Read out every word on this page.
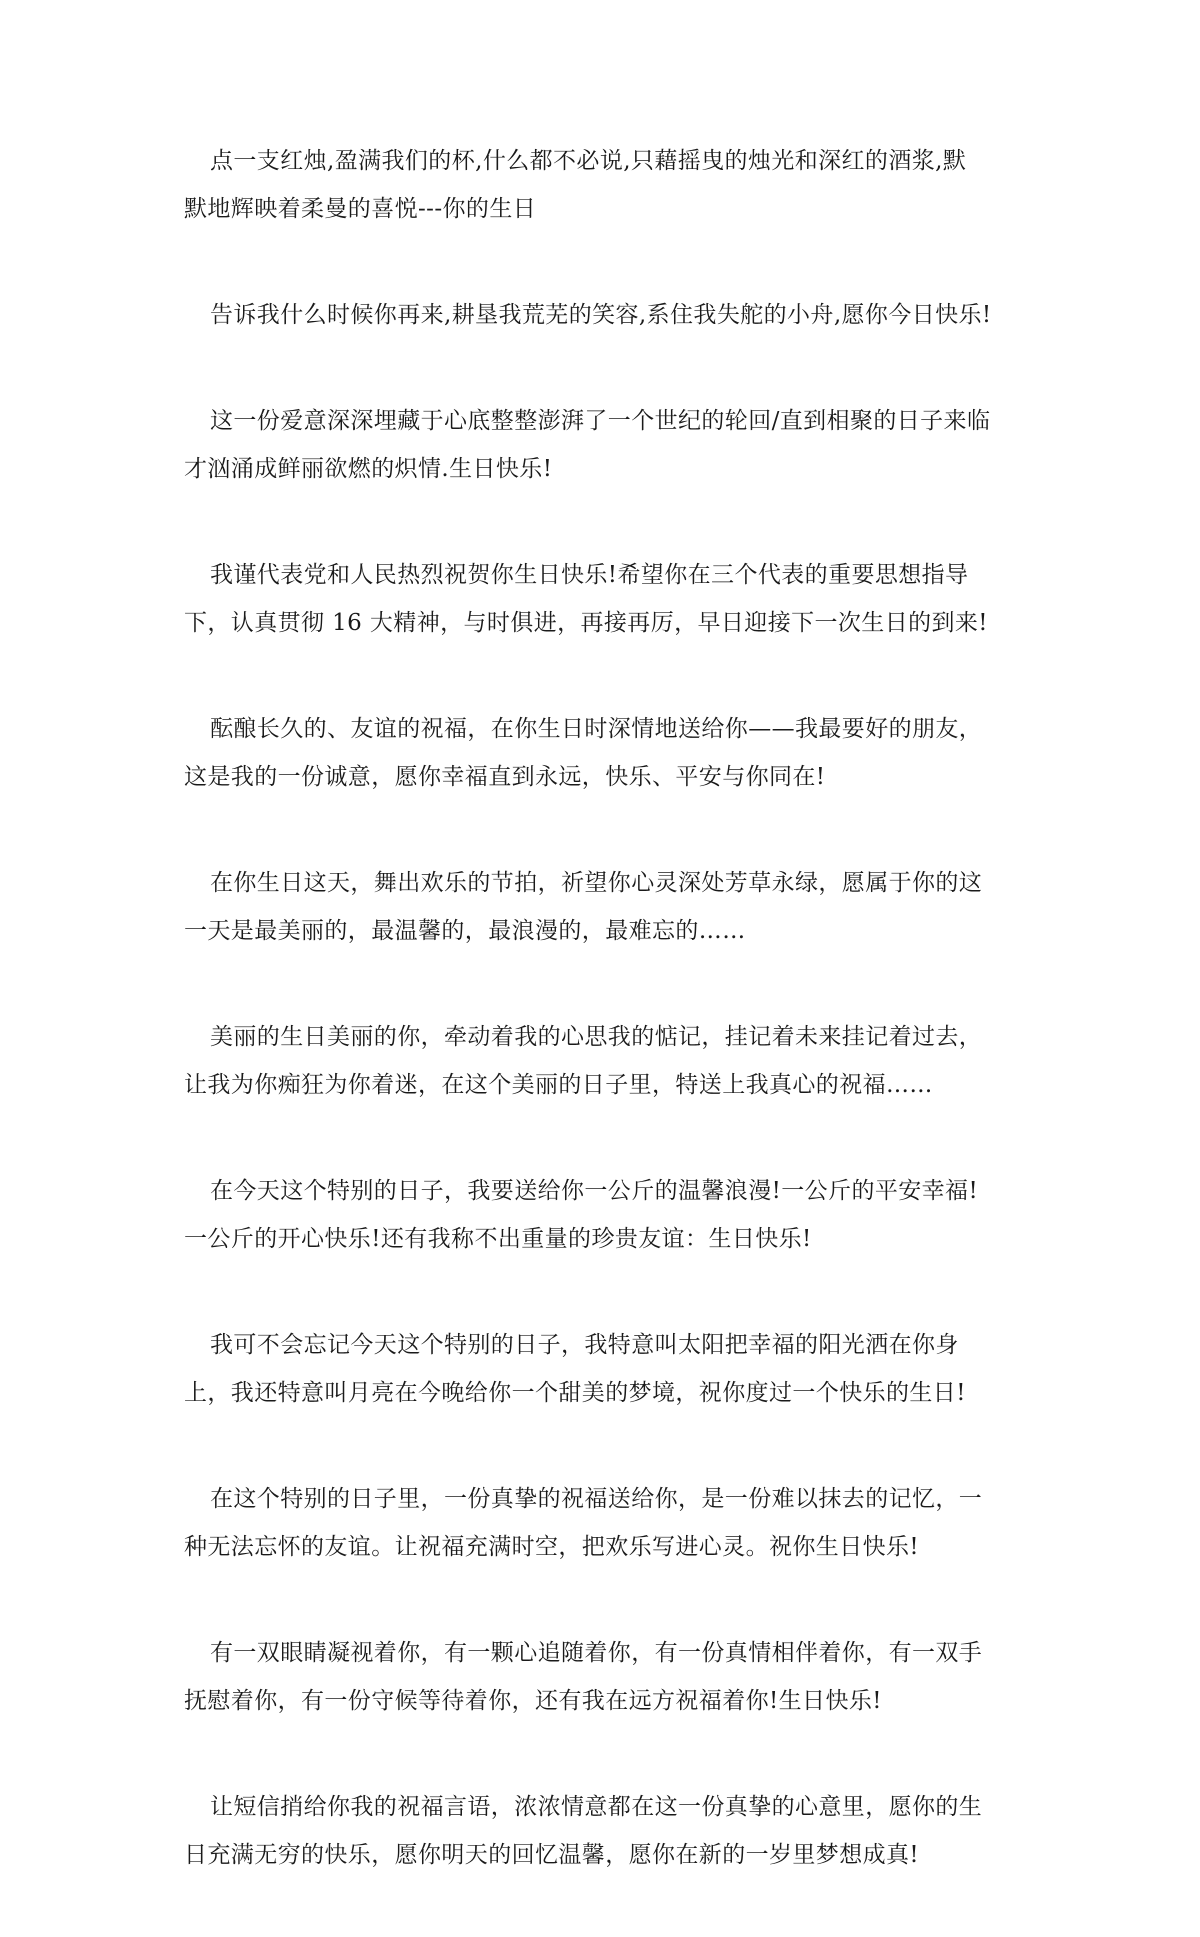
点一支红烛,盈满我们的杯,什么都不必说,只藉摇曳的烛光和深红的酒浆,默
默地辉映着柔曼的喜悦---你的生日

告诉我什么时候你再来,耕垦我荒芜的笑容,系住我失舵的小舟,愿你今日快乐!

这一份爱意深深埋藏于心底整整澎湃了一个世纪的轮回/直到相聚的日子来临
才汹涌成鲜丽欲燃的炽情.生日快乐!

我谨代表党和人民热烈祝贺你生日快乐!希望你在三个代表的重要思想指导
下，认真贯彻 16 大精神，与时俱进，再接再厉，早日迎接下一次生日的到来!

酝酿长久的、友谊的祝福，在你生日时深情地送给你——我最要好的朋友，
这是我的一份诚意，愿你幸福直到永远，快乐、平安与你同在!

在你生日这天，舞出欢乐的节拍，祈望你心灵深处芳草永绿，愿属于你的这
一天是最美丽的，最温馨的，最浪漫的，最难忘的……

美丽的生日美丽的你，牵动着我的心思我的惦记，挂记着未来挂记着过去，
让我为你痴狂为你着迷，在这个美丽的日子里，特送上我真心的祝福……

在今天这个特别的日子，我要送给你一公斤的温馨浪漫!一公斤的平安幸福!
一公斤的开心快乐!还有我称不出重量的珍贵友谊：生日快乐!

我可不会忘记今天这个特别的日子，我特意叫太阳把幸福的阳光洒在你身
上，我还特意叫月亮在今晚给你一个甜美的梦境，祝你度过一个快乐的生日!

在这个特别的日子里，一份真挚的祝福送给你，是一份难以抹去的记忆，一
种无法忘怀的友谊。让祝福充满时空，把欢乐写进心灵。祝你生日快乐!

有一双眼睛凝视着你，有一颗心追随着你，有一份真情相伴着你，有一双手
抚慰着你，有一份守候等待着你，还有我在远方祝福着你!生日快乐!

让短信捎给你我的祝福言语，浓浓情意都在这一份真挚的心意里，愿你的生
日充满无穷的快乐，愿你明天的回忆温馨，愿你在新的一岁里梦想成真!
